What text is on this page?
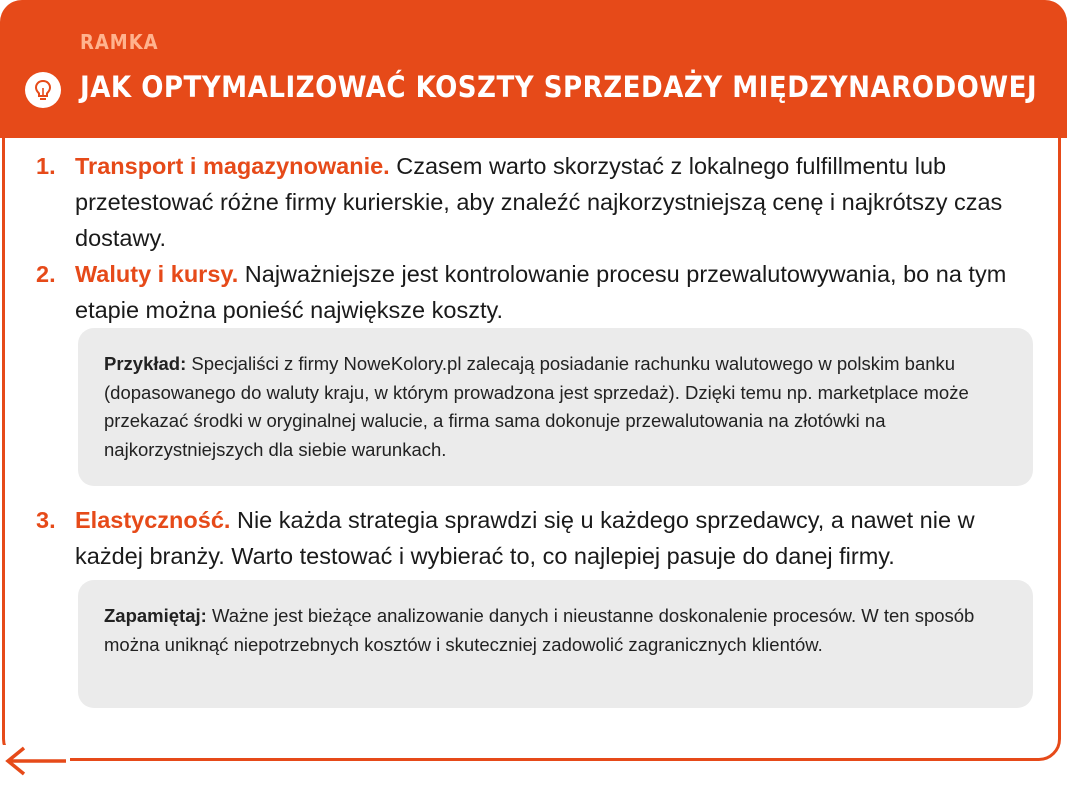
RAMKA
JAK OPTYMALIZOWAĆ KOSZTY SPRZEDAŻY MIĘDZYNARODOWEJ
1. Transport i magazynowanie. Czasem warto skorzystać z lokalnego fulfillmentu lub przetestować różne firmy kurierskie, aby znaleźć najkorzystniejszą cenę i najkrótszy czas dostawy.
2. Waluty i kursy. Najważniejsze jest kontrolowanie procesu przewalutowywania, bo na tym etapie można ponieść największe koszty.
Przykład: Specjaliści z firmy NoweKolory.pl zalecają posiadanie rachunku walutowego w polskim banku (dopasowanego do waluty kraju, w którym prowadzona jest sprzedaż). Dzięki temu np. marketplace może przekazać środki w oryginalnej walucie, a firma sama dokonuje przewalutowania na złotówki na najkorzystniejszych dla siebie warunkach.
3. Elastyczność. Nie każda strategia sprawdzi się u każdego sprzedawcy, a nawet nie w każdej branży. Warto testować i wybierać to, co najlepiej pasuje do danej firmy.
Zapamiętaj: Ważne jest bieżące analizowanie danych i nieustanne doskonalenie procesów. W ten sposób można uniknąć niepotrzebnych kosztów i skuteczniej zadowolić zagranicznych klientów.
